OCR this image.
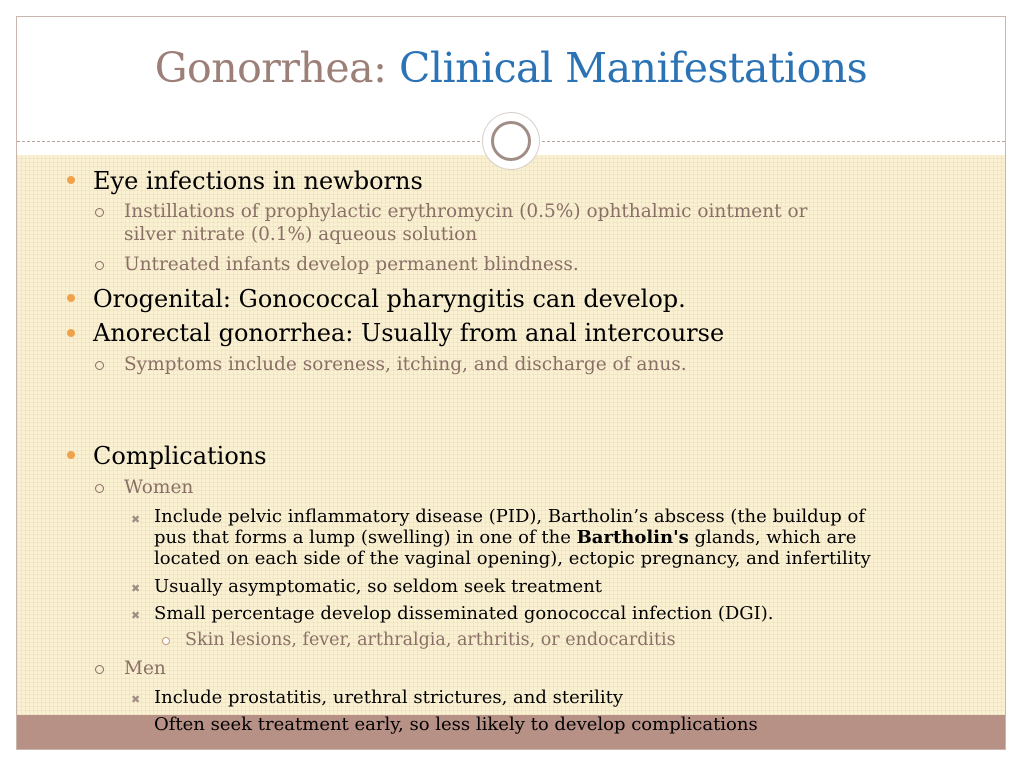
Gonorrhea: Clinical Manifestations

Eye infections in newborns

Instillations of prophylactic erythromycin (0.5%) ophthalmic ointment or

silver nitrate (0.1%) aqueous solution

Untreated infants develop permanent blindness.

Orogenital: Gonococcal pharyngitis can develop.

Anorectal gonorrhea: Usually from anal intercourse

Symptoms include soreness, itching, and discharge of anus.

Complications

Women

✖ Include pelvic inflammatory disease (PID), Bartholin’s abscess (the buildup of

pus that forms a lump (swelling) in one of the Bartholin's glands, which are

located on each side of the vaginal opening), ectopic pregnancy, and infertility

✖ Usually asymptomatic, so seldom seek treatment

✖ Small percentage develop disseminated gonococcal infection (DGI).

Skin lesions, fever, arthralgia, arthritis, or endocarditis

Men

✖ Include prostatitis, urethral strictures, and sterility

Often seek treatment early, so less likely to develop complications
